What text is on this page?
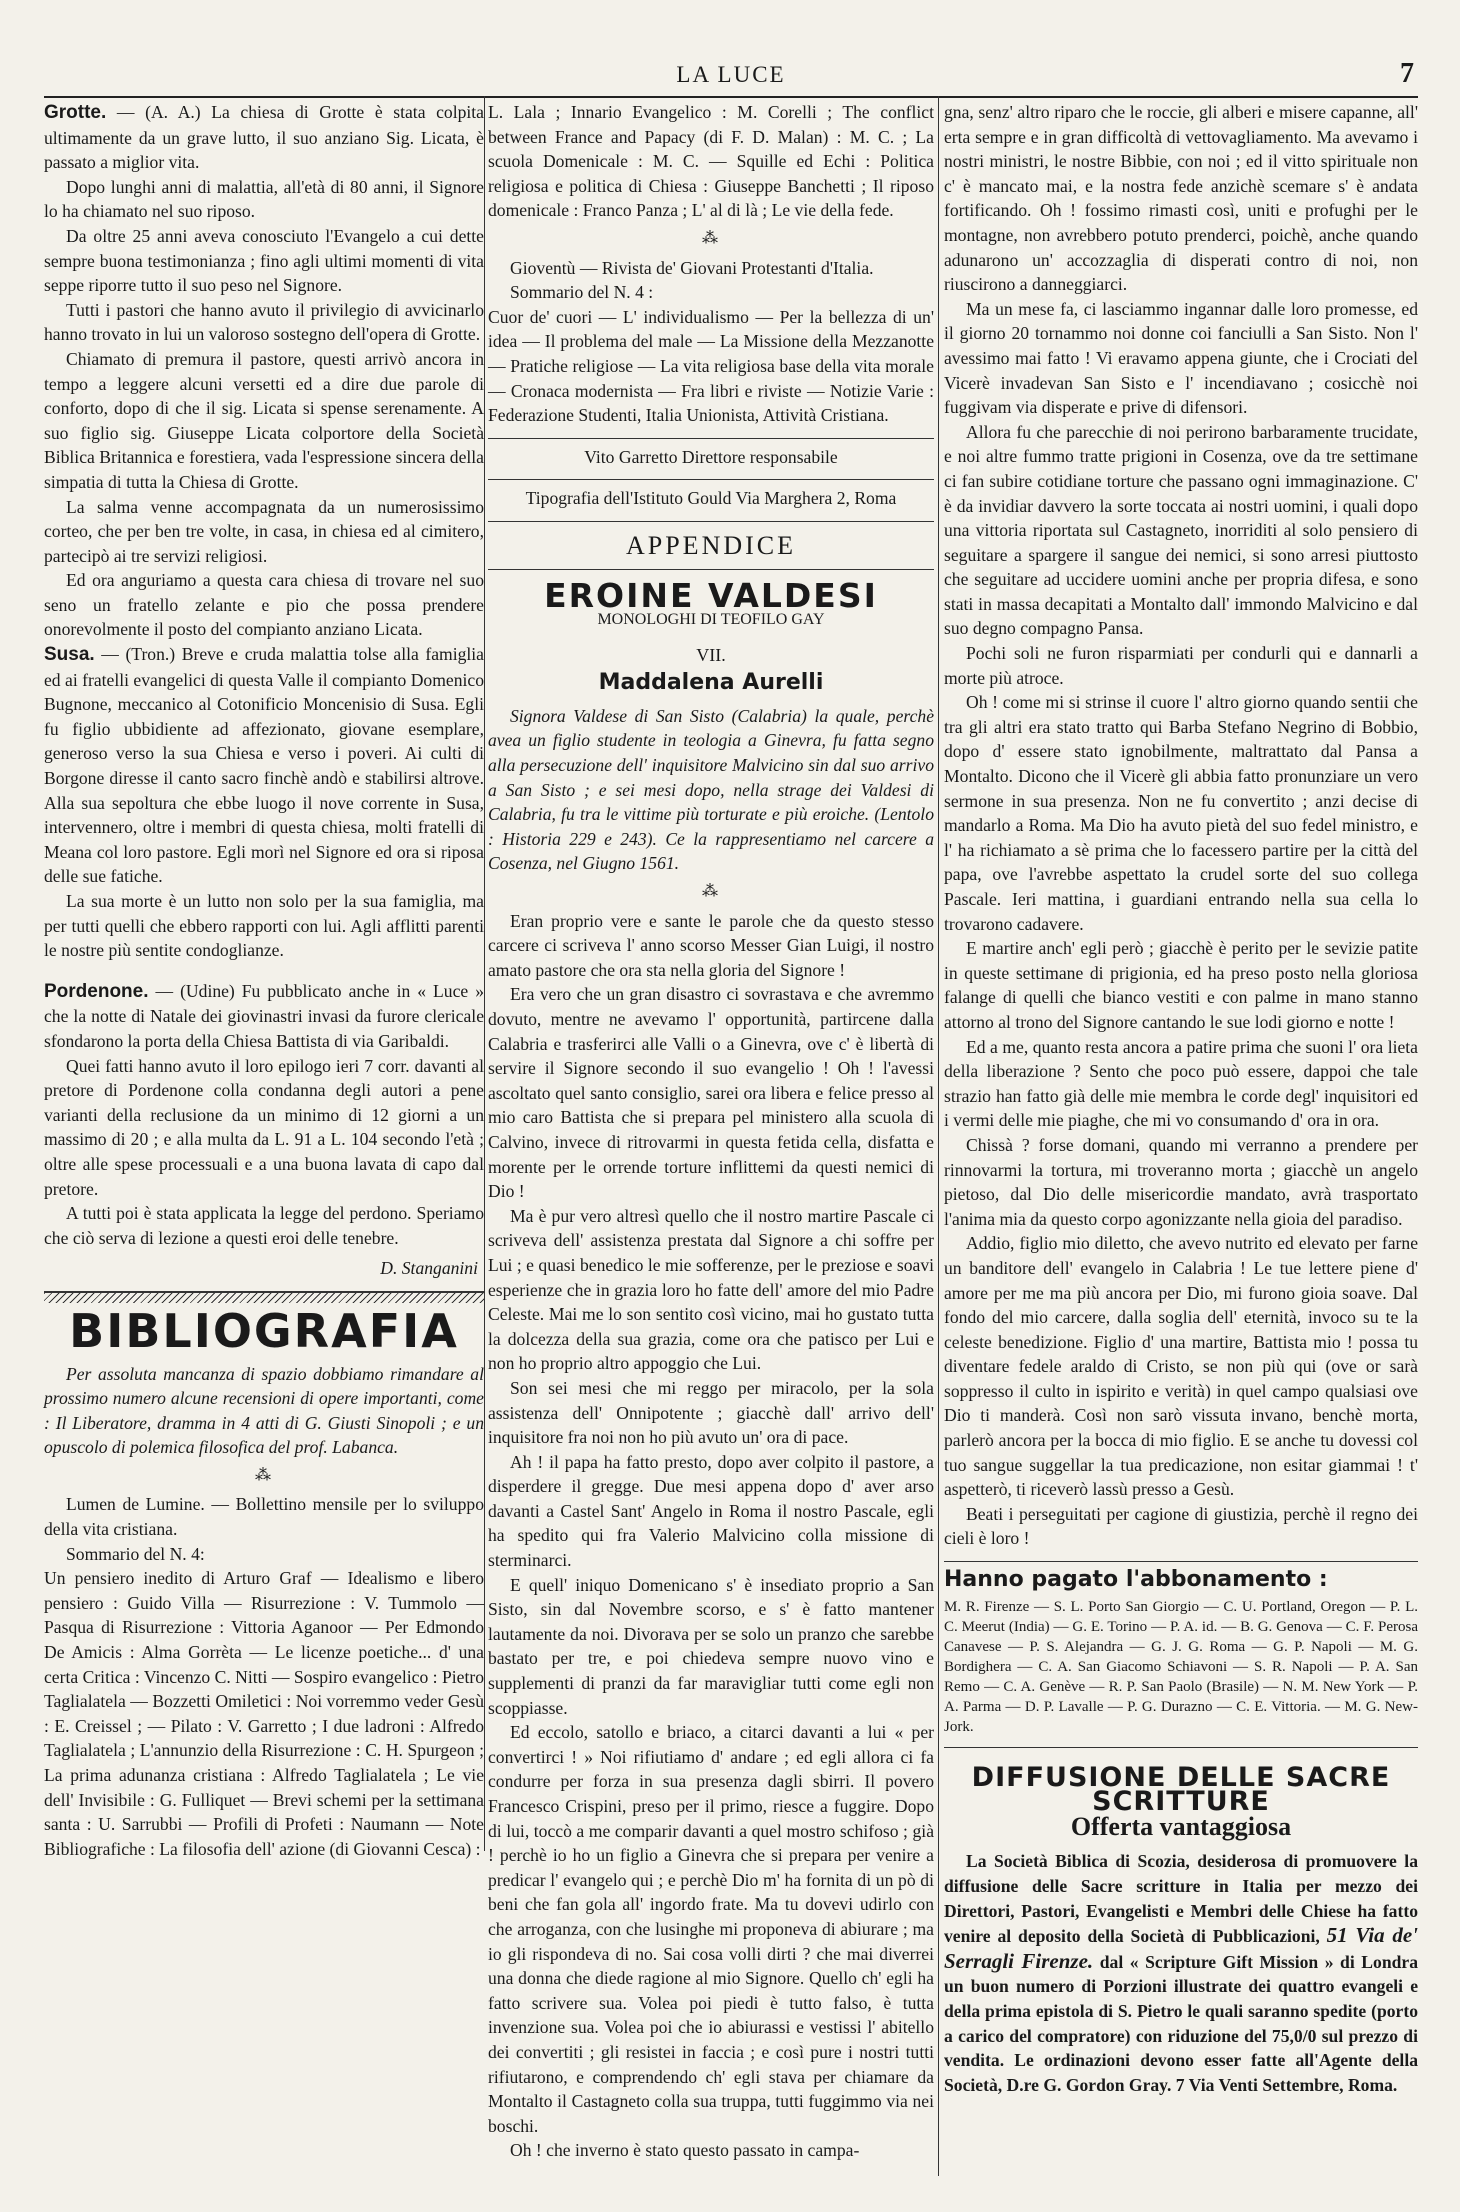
LA LUCE	7

Grotte. — (A. A.) La chiesa di Grotte è stata colpita ultimamente da un grave lutto, il suo anziano Sig. Licata, è passato a miglior vita.

Dopo lunghi anni di malattia, all'età di 80 anni, il Signore lo ha chiamato nel suo riposo.

Da oltre 25 anni aveva conosciuto l'Evangelo a cui dette sempre buona testimonianza ; fino agli ultimi momenti di vita seppe riporre tutto il suo peso nel Signore.

Tutti i pastori che hanno avuto il privilegio di avvicinarlo hanno trovato in lui un valoroso sostegno dell'opera di Grotte.

Chiamato di premura il pastore, questi arrivò ancora in tempo a leggere alcuni versetti ed a dire due parole di conforto, dopo di che il sig. Licata si spense serenamente. A suo figlio sig. Giuseppe Licata colportore della Società Biblica Britannica e forestiera, vada l'espressione sincera della simpatia di tutta la Chiesa di Grotte.

La salma venne accompagnata da un numerosissimo corteo, che per ben tre volte, in casa, in chiesa ed al cimitero, partecipò ai tre servizi religiosi.

Ed ora anguriamo a questa cara chiesa di trovare nel suo seno un fratello zelante e pio che possa prendere onorevolmente il posto del compianto anziano Licata.

Susa. — (Tron.) Breve e cruda malattia tolse alla famiglia ed ai fratelli evangelici di questa Valle il compianto Domenico Bugnone, meccanico al Cotonificio Moncenisio di Susa. Egli fu figlio ubbidiente ad affezionato, giovane esemplare, generoso verso la sua Chiesa e verso i poveri. Ai culti di Borgone diresse il canto sacro finchè andò e stabilirsi altrove. Alla sua sepoltura che ebbe luogo il nove corrente in Susa, intervennero, oltre i membri di questa chiesa, molti fratelli di Meana col loro pastore. Egli morì nel Signore ed ora si riposa delle sue fatiche.

La sua morte è un lutto non solo per la sua famiglia, ma per tutti quelli che ebbero rapporti con lui. Agli afflitti parenti le nostre più sentite condoglianze.

Pordenone. — (Udine) Fu pubblicato anche in « Luce » che la notte di Natale dei giovinastri invasi da furore clericale sfondarono la porta della Chiesa Battista di via Garibaldi.

Quei fatti hanno avuto il loro epilogo ieri 7 corr. davanti al pretore di Pordenone colla condanna degli autori a pene varianti della reclusione da un minimo di 12 giorni a un massimo di 20 ; e alla multa da L. 91 a L. 104 secondo l'età ; oltre alle spese processuali e a una buona lavata di capo dal pretore.

A tutti poi è stata applicata la legge del perdono. Speriamo che ciò serva di lezione a questi eroi delle tenebre.

D. Stanganini

BIBLIOGRAFIA

Per assoluta mancanza di spazio dobbiamo rimandare al prossimo numero alcune recensioni di opere importanti, come : Il Liberatore, dramma in 4 atti di G. Giusti Sinopoli ; e un opuscolo di polemica filosofica del prof. Labanca.

⁂

Lumen de Lumine. — Bollettino mensile per lo sviluppo della vita cristiana.

Sommario del N. 4:

Un pensiero inedito di Arturo Graf — Idealismo e libero pensiero : Guido Villa — Risurrezione : V. Tummolo — Pasqua di Risurrezione : Vittoria Aganoor — Per Edmondo De Amicis : Alma Gorrèta — Le licenze poetiche... d' una certa Critica : Vincenzo C. Nitti — Sospiro evangelico : Pietro Taglialatela — Bozzetti Omiletici : Noi vorremmo veder Gesù : E. Creissel ; — Pilato : V. Garretto ; I due ladroni : Alfredo Taglialatela ; L'annunzio della Risurrezione : C. H. Spurgeon ; La prima adunanza cristiana : Alfredo Taglialatela ; Le vie dell' Invisibile : G. Fulliquet — Brevi schemi per la settimana santa : U. Sarrubbi — Profili di Profeti : Naumann — Note Bibliografiche : La filosofia dell' azione (di Giovanni Cesca) :

L. Lala ; Innario Evangelico : M. Corelli ; The conflict between France and Papacy (di F. D. Malan) : M. C. ; La scuola Domenicale : M. C. — Squille ed Echi : Politica religiosa e politica di Chiesa : Giuseppe Banchetti ; Il riposo domenicale : Franco Panza ; L' al di là ; Le vie della fede.

⁂

Gioventù — Rivista de' Giovani Protestanti d'Italia.

Sommario del N. 4 :

Cuor de' cuori — L' individualismo — Per la bellezza di un' idea — Il problema del male — La Missione della Mezzanotte — Pratiche religiose — La vita religiosa base della vita morale — Cronaca modernista — Fra libri e riviste — Notizie Varie : Federazione Studenti, Italia Unionista, Attività Cristiana.

Vito Garretto Direttore responsabile

Tipografia dell'Istituto Gould Via Marghera 2, Roma

APPENDICE
EROINE VALDESI
MONOLOGHI DI TEOFILO GAY
VII.
Maddalena Aurelli

Signora Valdese di San Sisto (Calabria) la quale, perchè avea un figlio studente in teologia a Ginevra, fu fatta segno alla persecuzione dell' inquisitore Malvicino sin dal suo arrivo a San Sisto ; e sei mesi dopo, nella strage dei Valdesi di Calabria, fu tra le vittime più torturate e più eroiche. (Lentolo : Historia 229 e 243). Ce la rappresentiamo nel carcere a Cosenza, nel Giugno 1561.

⁂

Eran proprio vere e sante le parole che da questo stesso carcere ci scriveva l' anno scorso Messer Gian Luigi, il nostro amato pastore che ora sta nella gloria del Signore !

Era vero che un gran disastro ci sovrastava e che avremmo dovuto, mentre ne avevamo l' opportunità, partircene dalla Calabria e trasferirci alle Valli o a Ginevra, ove c' è libertà di servire il Signore secondo il suo evangelio ! Oh ! l'avessi ascoltato quel santo consiglio, sarei ora libera e felice presso al mio caro Battista che si prepara pel ministero alla scuola di Calvino, invece di ritrovarmi in questa fetida cella, disfatta e morente per le orrende torture inflittemi da questi nemici di Dio !

Ma è pur vero altresì quello che il nostro martire Pascale ci scriveva dell' assistenza prestata dal Signore a chi soffre per Lui ; e quasi benedico le mie sofferenze, per le preziose e soavi esperienze che in grazia loro ho fatte dell' amore del mio Padre Celeste. Mai me lo son sentito così vicino, mai ho gustato tutta la dolcezza della sua grazia, come ora che patisco per Lui e non ho proprio altro appoggio che Lui.

Son sei mesi che mi reggo per miracolo, per la sola assistenza dell' Onnipotente ; giacchè dall' arrivo dell' inquisitore fra noi non ho più avuto un' ora di pace.

Ah ! il papa ha fatto presto, dopo aver colpito il pastore, a disperdere il gregge. Due mesi appena dopo d' aver arso davanti a Castel Sant' Angelo in Roma il nostro Pascale, egli ha spedito qui fra Valerio Malvicino colla missione di sterminarci.

E quell' iniquo Domenicano s' è insediato proprio a San Sisto, sin dal Novembre scorso, e s' è fatto mantener lautamente da noi. Divorava per se solo un pranzo che sarebbe bastato per tre, e poi chiedeva sempre nuovo vino e supplementi di pranzi da far maravigliar tutti come egli non scoppiasse.

Ed eccolo, satollo e briaco, a citarci davanti a lui « per convertirci ! » Noi rifiutiamo d' andare ; ed egli allora ci fa condurre per forza in sua presenza dagli sbirri. Il povero Francesco Crispini, preso per il primo, riesce a fuggire. Dopo di lui, toccò a me comparir davanti a quel mostro schifoso ; già ! perchè io ho un figlio a Ginevra che si prepara per venire a predicar l' evangelo qui ; e perchè Dio m' ha fornita di un pò di beni che fan gola all' ingordo frate. Ma tu dovevi udirlo con che arroganza, con che lusinghe mi proponeva di abiurare ; ma io gli rispondeva di no. Sai cosa volli dirti ? che mai diverrei una donna che diede ragione al mio Signore. Quello ch' egli ha fatto scrivere sua. Volea poi piedi è tutto falso, è tutta invenzione sua. Volea poi che io abiurassi e vestissi l' abitello dei convertiti ; gli resistei in faccia ; e così pure i nostri tutti rifiutarono, e comprendendo ch' egli stava per chiamare da Montalto il Castagneto colla sua truppa, tutti fuggimmo via nei boschi.

Oh ! che inverno è stato questo passato in campa-

gna, senz' altro riparo che le roccie, gli alberi e misere capanne, all' erta sempre e in gran difficoltà di vettovagliamento. Ma avevamo i nostri ministri, le nostre Bibbie, con noi ; ed il vitto spirituale non c' è mancato mai, e la nostra fede anzichè scemare s' è andata fortificando. Oh ! fossimo rimasti così, uniti e profughi per le montagne, non avrebbero potuto prenderci, poichè, anche quando adunarono un' accozzaglia di disperati contro di noi, non riuscirono a danneggiarci.

Ma un mese fa, ci lasciammo ingannar dalle loro promesse, ed il giorno 20 tornammo noi donne coi fanciulli a San Sisto. Non l' avessimo mai fatto ! Vi eravamo appena giunte, che i Crociati del Vicerè invadevan San Sisto e l' incendiavano ; cosicchè noi fuggivam via disperate e prive di difensori.

Allora fu che parecchie di noi perirono barbaramente trucidate, e noi altre fummo tratte prigioni in Cosenza, ove da tre settimane ci fan subire cotidiane torture che passano ogni immaginazione. C' è da invidiar davvero la sorte toccata ai nostri uomini, i quali dopo una vittoria riportata sul Castagneto, inorriditi al solo pensiero di seguitare a spargere il sangue dei nemici, si sono arresi piuttosto che seguitare ad uccidere uomini anche per propria difesa, e sono stati in massa decapitati a Montalto dall' immondo Malvicino e dal suo degno compagno Pansa.

Pochi soli ne furon risparmiati per condurli qui e dannarli a morte più atroce.

Oh ! come mi si strinse il cuore l' altro giorno quando sentii che tra gli altri era stato tratto qui Barba Stefano Negrino di Bobbio, dopo d' essere stato ignobilmente, maltrattato dal Pansa a Montalto. Dicono che il Vicerè gli abbia fatto pronunziare un vero sermone in sua presenza. Non ne fu convertito ; anzi decise di mandarlo a Roma. Ma Dio ha avuto pietà del suo fedel ministro, e l' ha richiamato a sè prima che lo facessero partire per la città del papa, ove l'avrebbe aspettato la crudel sorte del suo collega Pascale. Ieri mattina, i guardiani entrando nella sua cella lo trovarono cadavere.

E martire anch' egli però ; giacchè è perito per le sevizie patite in queste settimane di prigionia, ed ha preso posto nella gloriosa falange di quelli che bianco vestiti e con palme in mano stanno attorno al trono del Signore cantando le sue lodi giorno e notte !

Ed a me, quanto resta ancora a patire prima che suoni l' ora lieta della liberazione ? Sento che poco può essere, dappoi che tale strazio han fatto già delle mie membra le corde degl' inquisitori ed i vermi delle mie piaghe, che mi vo consumando d' ora in ora.

Chissà ? forse domani, quando mi verranno a prendere per rinnovarmi la tortura, mi troveranno morta ; giacchè un angelo pietoso, dal Dio delle misericordie mandato, avrà trasportato l'anima mia da questo corpo agonizzante nella gioia del paradiso.

Addio, figlio mio diletto, che avevo nutrito ed elevato per farne un banditore dell' evangelo in Calabria ! Le tue lettere piene d' amore per me ma più ancora per Dio, mi furono gioia soave. Dal fondo del mio carcere, dalla soglia dell' eternità, invoco su te la celeste benedizione. Figlio d' una martire, Battista mio ! possa tu diventare fedele araldo di Cristo, se non più qui (ove or sarà soppresso il culto in ispirito e verità) in quel campo qualsiasi ove Dio ti manderà. Così non sarò vissuta invano, benchè morta, parlerò ancora per la bocca di mio figlio. E se anche tu dovessi col tuo sangue suggellar la tua predicazione, non esitar giammai ! t' aspetterò, ti riceverò lassù presso a Gesù.

Beati i perseguitati per cagione di giustizia, perchè il regno dei cieli è loro !

Hanno pagato l'abbonamento :
M. R. Firenze — S. L. Porto San Giorgio — C. U. Portland, Oregon — P. L. C. Meerut (India) — G. E. Torino — P. A. id. — B. G. Genova — C. F. Perosa Canavese — P. S. Alejandra — G. J. G. Roma — G. P. Napoli — M. G. Bordighera — C. A. San Giacomo Schiavoni — S. R. Napoli — P. A. San Remo — C. A. Genève — R. P. San Paolo (Brasile) — N. M. New York — P. A. Parma — D. P. Lavalle — P. G. Durazno — C. E. Vittoria. — M. G. New-Jork.
DIFFUSIONE DELLE SACRE SCRITTURE
Offerta vantaggiosa

La Società Biblica di Scozia, desiderosa di promuovere la diffusione delle Sacre scritture in Italia per mezzo dei Direttori, Pastori, Evangelisti e Membri delle Chiese ha fatto venire al deposito della Società di Pubblicazioni, 51 Via de' Serragli Firenze. dal « Scripture Gift Mission » di Londra un buon numero di Porzioni illustrate dei quattro evangeli e della prima epistola di S. Pietro le quali saranno spedite (porto a carico del compratore) con riduzione del 75,0/0 sul prezzo di vendita. Le ordinazioni devono esser fatte all'Agente della Società, D.re G. Gordon Gray. 7 Via Venti Settembre, Roma.
